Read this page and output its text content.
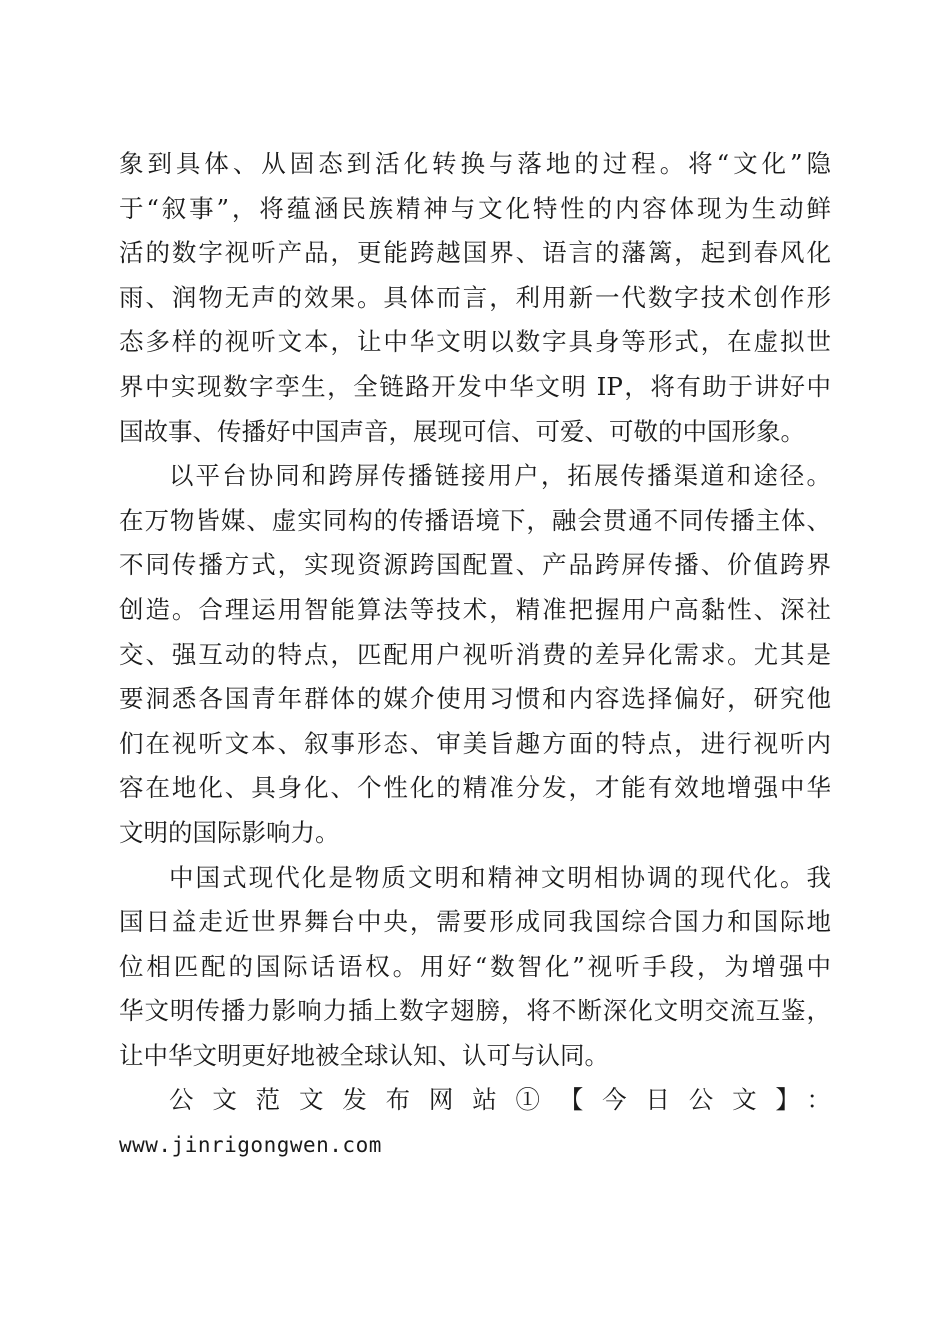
象到具体、从固态到活化转换与落地的过程。将“文化”隐
于“叙事”，将蕴涵民族精神与文化特性的内容体现为生动鲜
活的数字视听产品，更能跨越国界、语言的藩篱，起到春风化
雨、润物无声的效果。具体而言，利用新一代数字技术创作形
态多样的视听文本，让中华文明以数字具身等形式，在虚拟世
界中实现数字孪生，全链路开发中华文明 IP，将有助于讲好中
国故事、传播好中国声音，展现可信、可爱、可敬的中国形象。
以平台协同和跨屏传播链接用户，拓展传播渠道和途径。
在万物皆媒、虚实同构的传播语境下，融会贯通不同传播主体、
不同传播方式，实现资源跨国配置、产品跨屏传播、价值跨界
创造。合理运用智能算法等技术，精准把握用户高黏性、深社
交、强互动的特点，匹配用户视听消费的差异化需求。尤其是
要洞悉各国青年群体的媒介使用习惯和内容选择偏好，研究他
们在视听文本、叙事形态、审美旨趣方面的特点，进行视听内
容在地化、具身化、个性化的精准分发，才能有效地增强中华
文明的国际影响力。
中国式现代化是物质文明和精神文明相协调的现代化。我
国日益走近世界舞台中央，需要形成同我国综合国力和国际地
位相匹配的国际话语权。用好“数智化”视听手段，为增强中
华文明传播力影响力插上数字翅膀，将不断深化文明交流互鉴，
让中华文明更好地被全球认知、认可与认同。
公文范文发布网站①【今日公文】：
www.jinrigongwen.com
